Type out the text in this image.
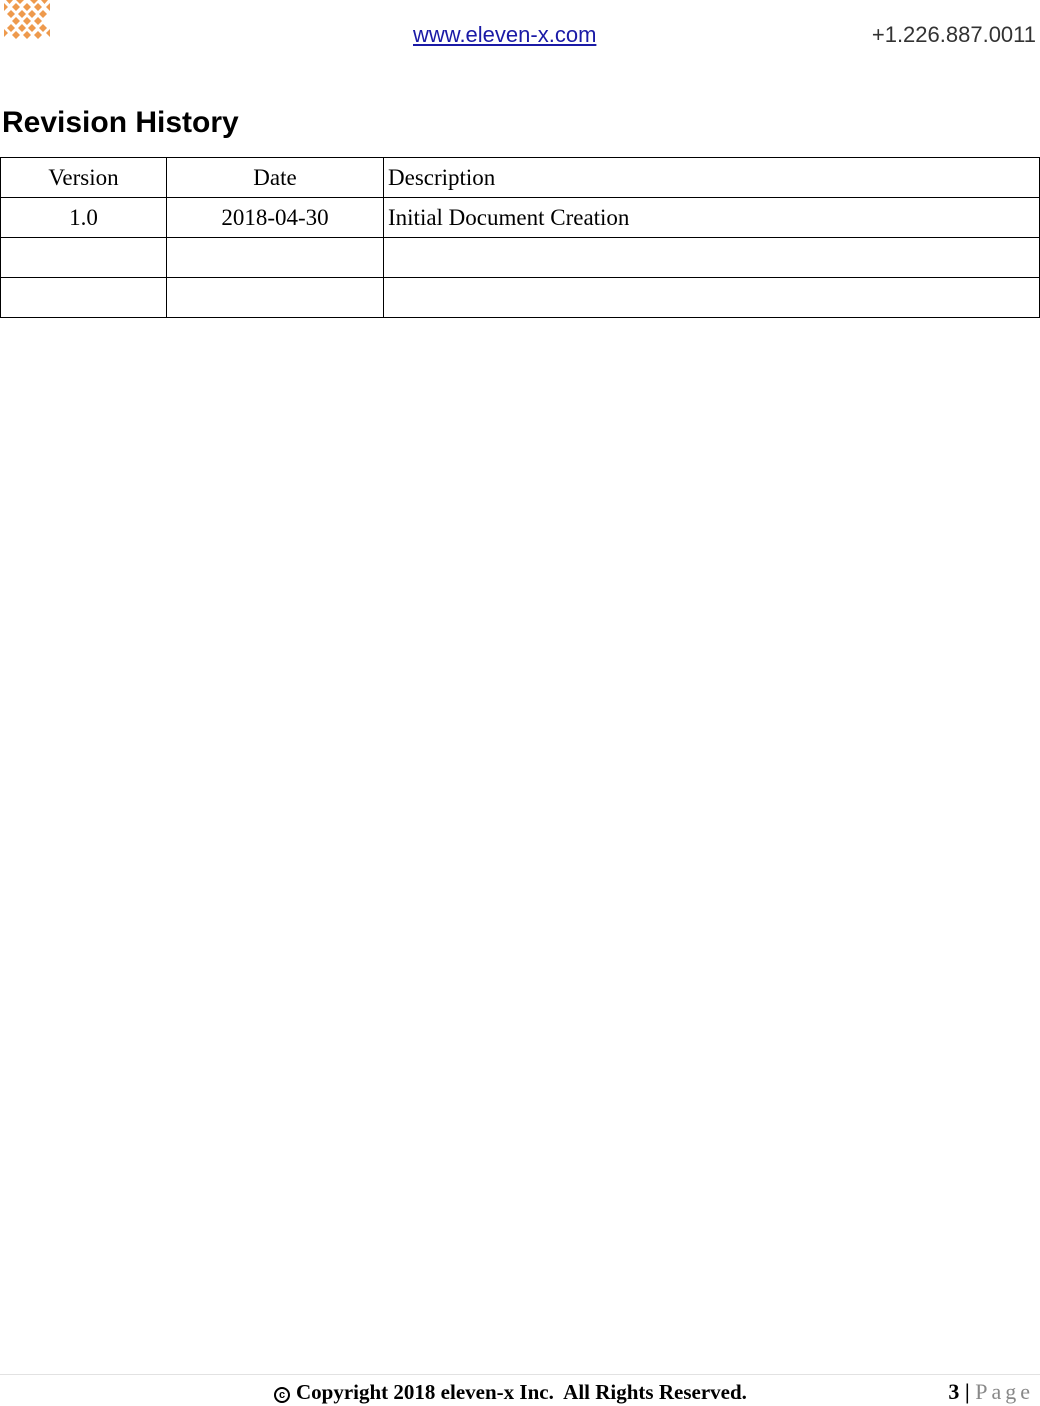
www.eleven-x.com	+1.226.887.0011
Revision History
Version	Date	Description
1.0	2018-04-30	Initial Document Creation

c Copyright 2018 eleven-x Inc.  All Rights Reserved.	3 | Page
